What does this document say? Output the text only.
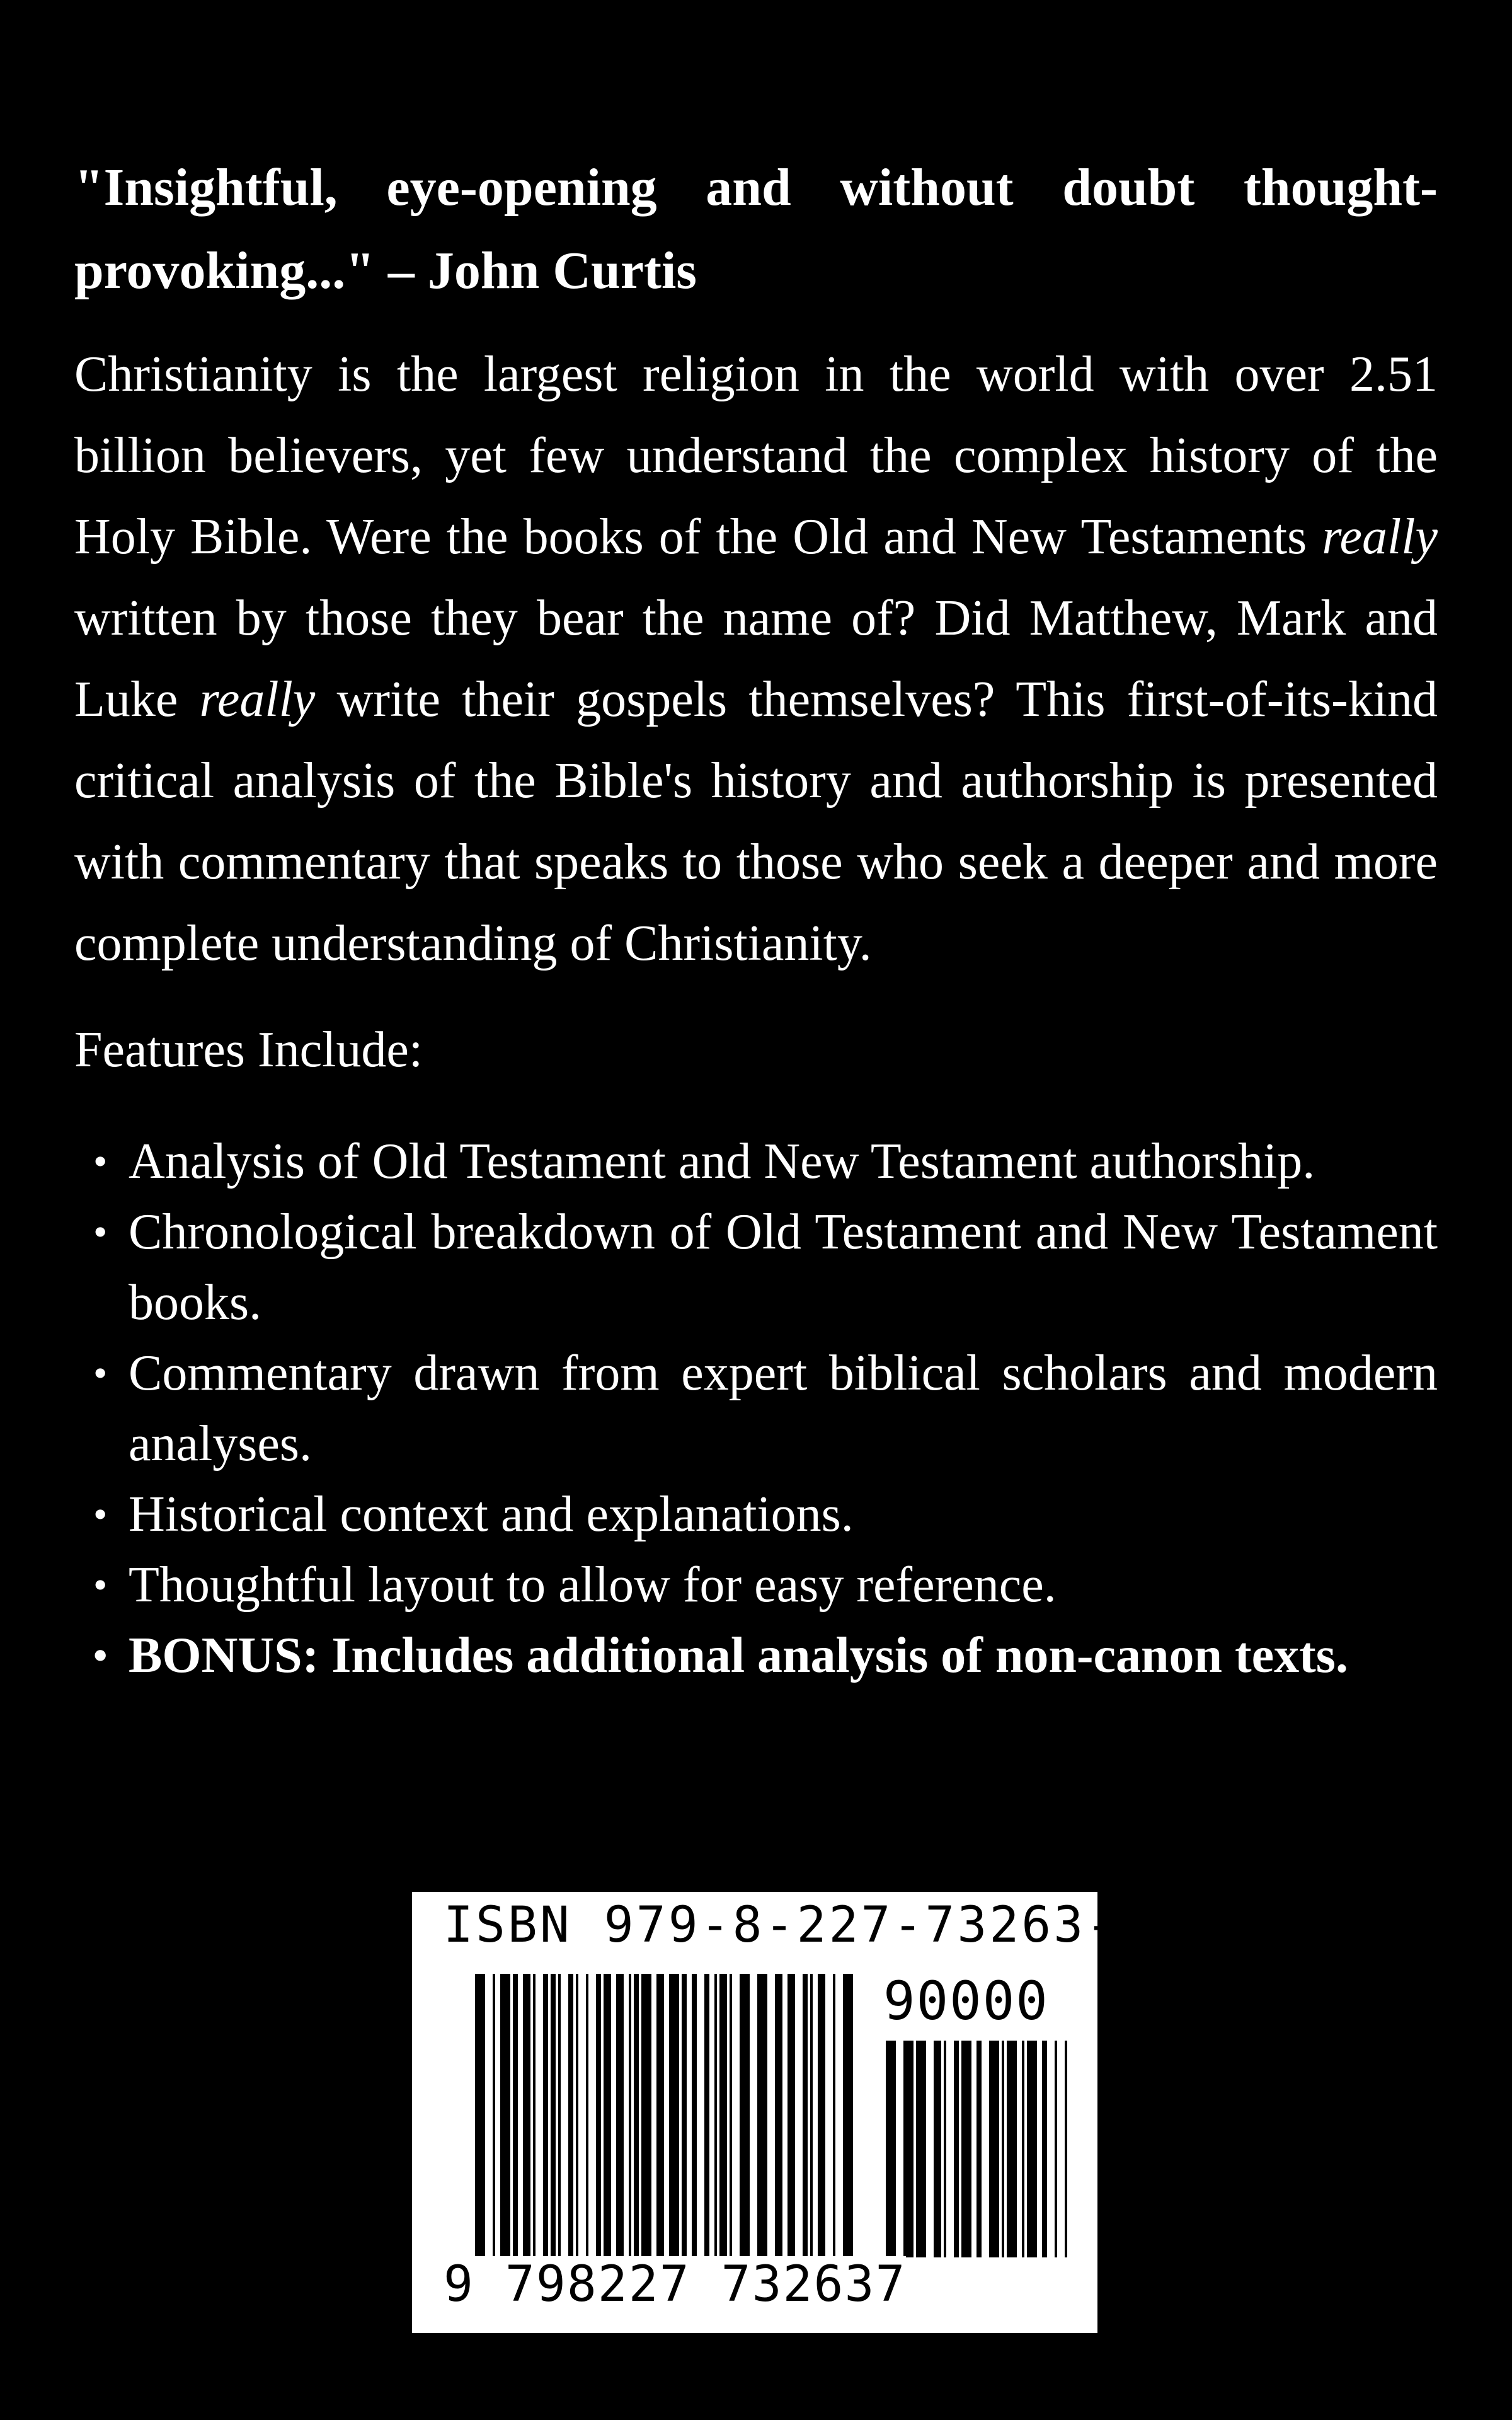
"Insightful, eye-opening and without doubt thought-provoking..." – John Curtis

Christianity is the largest religion in the world with over 2.51 billion believers, yet few understand the complex history of the Holy Bible. Were the books of the Old and New Testaments really written by those they bear the name of? Did Matthew, Mark and Luke really write their gospels themselves? This first-of-its-kind critical analysis of the Bible's history and authorship is presented with commentary that speaks to those who seek a deeper and more complete understanding of Christianity.

Features Include:

• Analysis of Old Testament and New Testament authorship.
• Chronological breakdown of Old Testament and New Testament books.
• Commentary drawn from expert biblical scholars and modern analyses.
• Historical context and explanations.
• Thoughtful layout to allow for easy reference.
• BONUS: Includes additional analysis of non-canon texts.
ISBN 979-8-227-73263-7
90000
9 798227 732637
